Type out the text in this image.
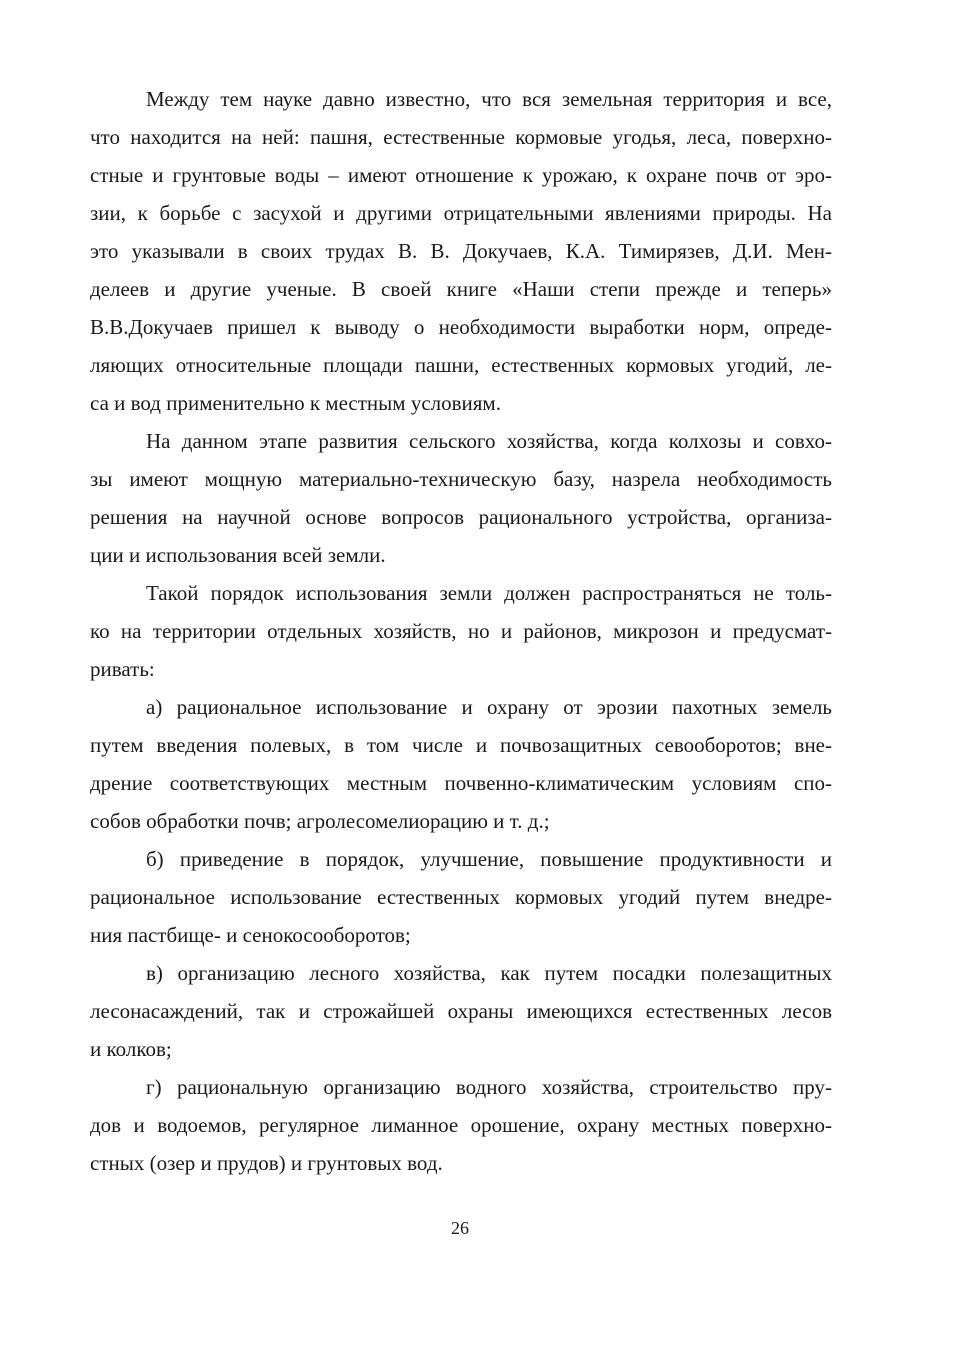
Между тем науке давно известно, что вся земельная территория и все,
что находится на ней: пашня, естественные кормовые угодья, леса, поверхно-
стные и грунтовые воды – имеют отношение к урожаю, к охране почв от эро-
зии, к борьбе с засухой и другими отрицательными явлениями природы. На
это указывали в своих трудах В. В. Докучаев, К.А. Тимирязев, Д.И. Мен-
делеев и другие ученые. В своей книге «Наши степи прежде и теперь»
В.В.Докучаев пришел к выводу о необходимости выработки норм, опреде-
ляющих относительные площади пашни, естественных кормовых угодий, ле-
са и вод применительно к местным условиям.
На данном этапе развития сельского хозяйства, когда колхозы и совхо-
зы имеют мощную материально-техническую базу, назрела необходимость
решения на научной основе вопросов рационального устройства, организа-
ции и использования всей земли.
Такой порядок использования земли должен распространяться не толь-
ко на территории отдельных хозяйств, но и районов, микрозон и предусмат-
ривать:
а) рациональное использование и охрану от эрозии пахотных земель
путем введения полевых, в том числе и почвозащитных севооборотов; вне-
дрение соответствующих местным почвенно-климатическим условиям спо-
собов обработки почв; агролесомелиорацию и т. д.;
б) приведение в порядок, улучшение, повышение продуктивности и
рациональное использование естественных кормовых угодий путем внедре-
ния пастбище- и сенокосооборотов;
в) организацию лесного хозяйства, как путем посадки полезащитных
лесонасаждений, так и строжайшей охраны имеющихся естественных лесов
и колков;
г) рациональную организацию водного хозяйства, строительство пру-
дов и водоемов, регулярное лиманное орошение, охрану местных поверхно-
стных (озер и прудов) и грунтовых вод.
26
